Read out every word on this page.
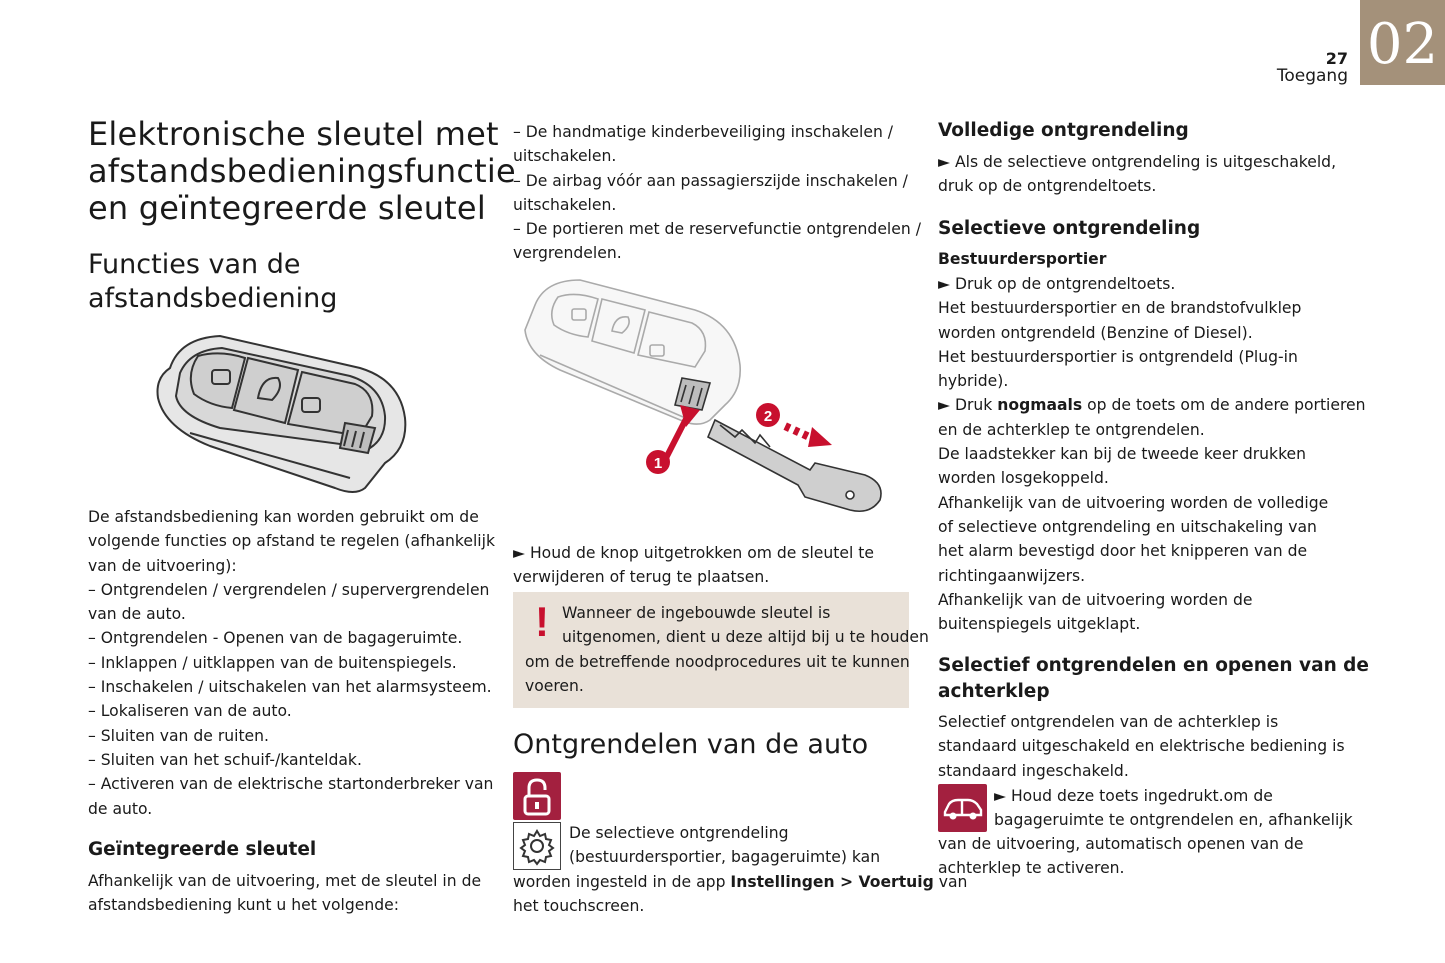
02
27
Toegang
Elektronische sleutel met
afstandsbedieningsfunctie
en geïntegreerde sleutel
Functies van de
afstandsbediening
De afstandsbediening kan worden gebruikt om de
volgende functies op afstand te regelen (afhankelijk
van de uitvoering):
– Ontgrendelen / vergrendelen / supervergrendelen
van de auto.
– Ontgrendelen - Openen van de bagageruimte.
– Inklappen / uitklappen van de buitenspiegels.
– Inschakelen / uitschakelen van het alarmsysteem.
– Lokaliseren van de auto.
– Sluiten van de ruiten.
– Sluiten van het schuif-/kanteldak.
– Activeren van de elektrische startonderbreker van
de auto.
Geïntegreerde sleutel
Afhankelijk van de uitvoering, met de sleutel in de
afstandsbediening kunt u het volgende:
– De handmatige kinderbeveiliging inschakelen /
uitschakelen.
– De airbag vóór aan passagierszijde inschakelen /
uitschakelen.
– De portieren met de reservefunctie ontgrendelen /
vergrendelen.
1
2
► Houd de knop uitgetrokken om de sleutel te
verwijderen of terug te plaatsen.
! Wanneer de ingebouwde sleutel is
uitgenomen, dient u deze altijd bij u te houden
om de betreffende noodprocedures uit te kunnen
voeren.
Ontgrendelen van de auto
De selectieve ontgrendeling
(bestuurdersportier, bagageruimte) kan
worden ingesteld in de app Instellingen > Voertuig van
het touchscreen.
Volledige ontgrendeling
► Als de selectieve ontgrendeling is uitgeschakeld,
druk op de ontgrendeltoets.
Selectieve ontgrendeling
Bestuurdersportier
► Druk op de ontgrendeltoets.
Het bestuurdersportier en de brandstofvulklep
worden ontgrendeld (Benzine of Diesel).
Het bestuurdersportier is ontgrendeld (Plug-in
hybride).
► Druk nogmaals op de toets om de andere portieren
en de achterklep te ontgrendelen.
De laadstekker kan bij de tweede keer drukken
worden losgekoppeld.
Afhankelijk van de uitvoering worden de volledige
of selectieve ontgrendeling en uitschakeling van
het alarm bevestigd door het knipperen van de
richtingaanwijzers.
Afhankelijk van de uitvoering worden de
buitenspiegels uitgeklapt.
Selectief ontgrendelen en openen van de
achterklep
Selectief ontgrendelen van de achterklep is
standaard uitgeschakeld en elektrische bediening is
standaard ingeschakeld.
► Houd deze toets ingedrukt.om de
bagageruimte te ontgrendelen en, afhankelijk
van de uitvoering, automatisch openen van de
achterklep te activeren.
